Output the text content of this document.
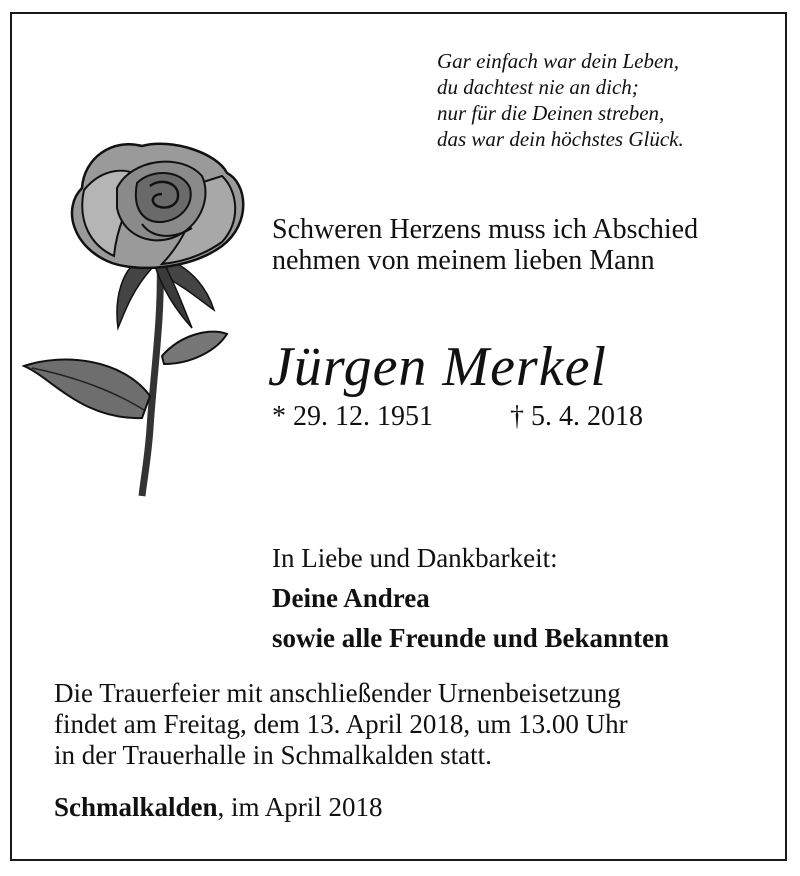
Gar einfach war dein Leben,
du dachtest nie an dich;
nur für die Deinen streben,
das war dein höchstes Glück.
Schweren Herzens muss ich Abschied
nehmen von meinem lieben Mann
Jürgen Merkel
* 29. 12. 1951	† 5. 4. 2018
In Liebe und Dankbarkeit:
Deine Andrea
sowie alle Freunde und Bekannten
Die Trauerfeier mit anschließender Urnenbeisetzung
findet am Freitag, dem 13. April 2018, um 13.00 Uhr
in der Trauerhalle in Schmalkalden statt.
Schmalkalden, im April 2018
